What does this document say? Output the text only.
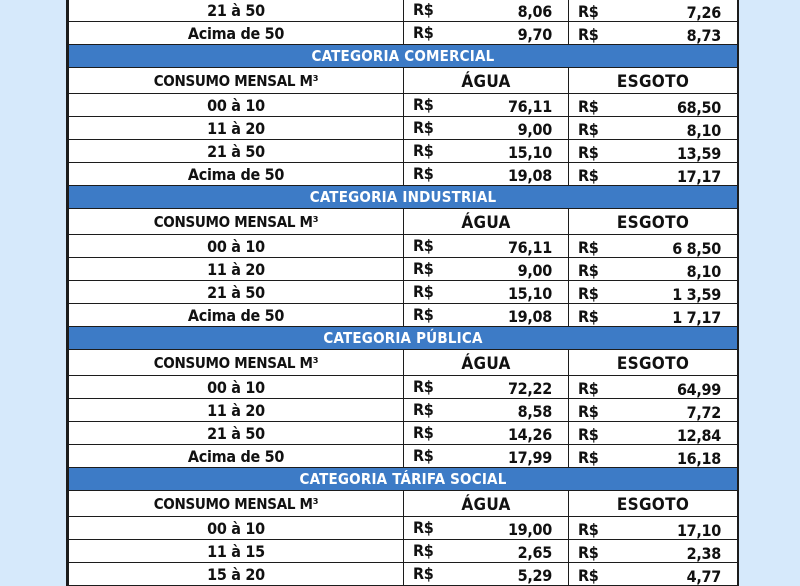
21 à 50	R$ 8,06	R$ 7,26

Acima de 50	R$ 9,70	R$ 8,73

CATEGORIA COMERCIAL		
CONSUMO MENSAL M³	ÁGUA	ESGOTO
00 à 10	R$ 76,11	R$ 68,50

11 à 20	R$ 9,00	R$ 8,10

21 à 50	R$ 15,10	R$ 13,59

Acima de 50	R$ 19,08	R$ 17,17

CATEGORIA INDUSTRIAL		
CONSUMO MENSAL M³	ÁGUA	ESGOTO
00 à 10	R$ 76,11	R$ 6 8,50

11 à 20	R$ 9,00	R$ 8,10

21 à 50	R$ 15,10	R$ 1 3,59

Acima de 50	R$ 19,08	R$ 1 7,17

CATEGORIA PÚBLICA		
CONSUMO MENSAL M³	ÁGUA	ESGOTO
00 à 10	R$ 72,22	R$ 64,99

11 à 20	R$ 8,58	R$ 7,72

21 à 50	R$ 14,26	R$ 12,84

Acima de 50	R$ 17,99	R$ 16,18

CATEGORIA TÁRIFA SOCIAL		
CONSUMO MENSAL M³	ÁGUA	ESGOTO
00 à 10	R$ 19,00	R$ 17,10

11 à 15	R$ 2,65	R$ 2,38

15 à 20	R$ 5,29	R$ 4,77
